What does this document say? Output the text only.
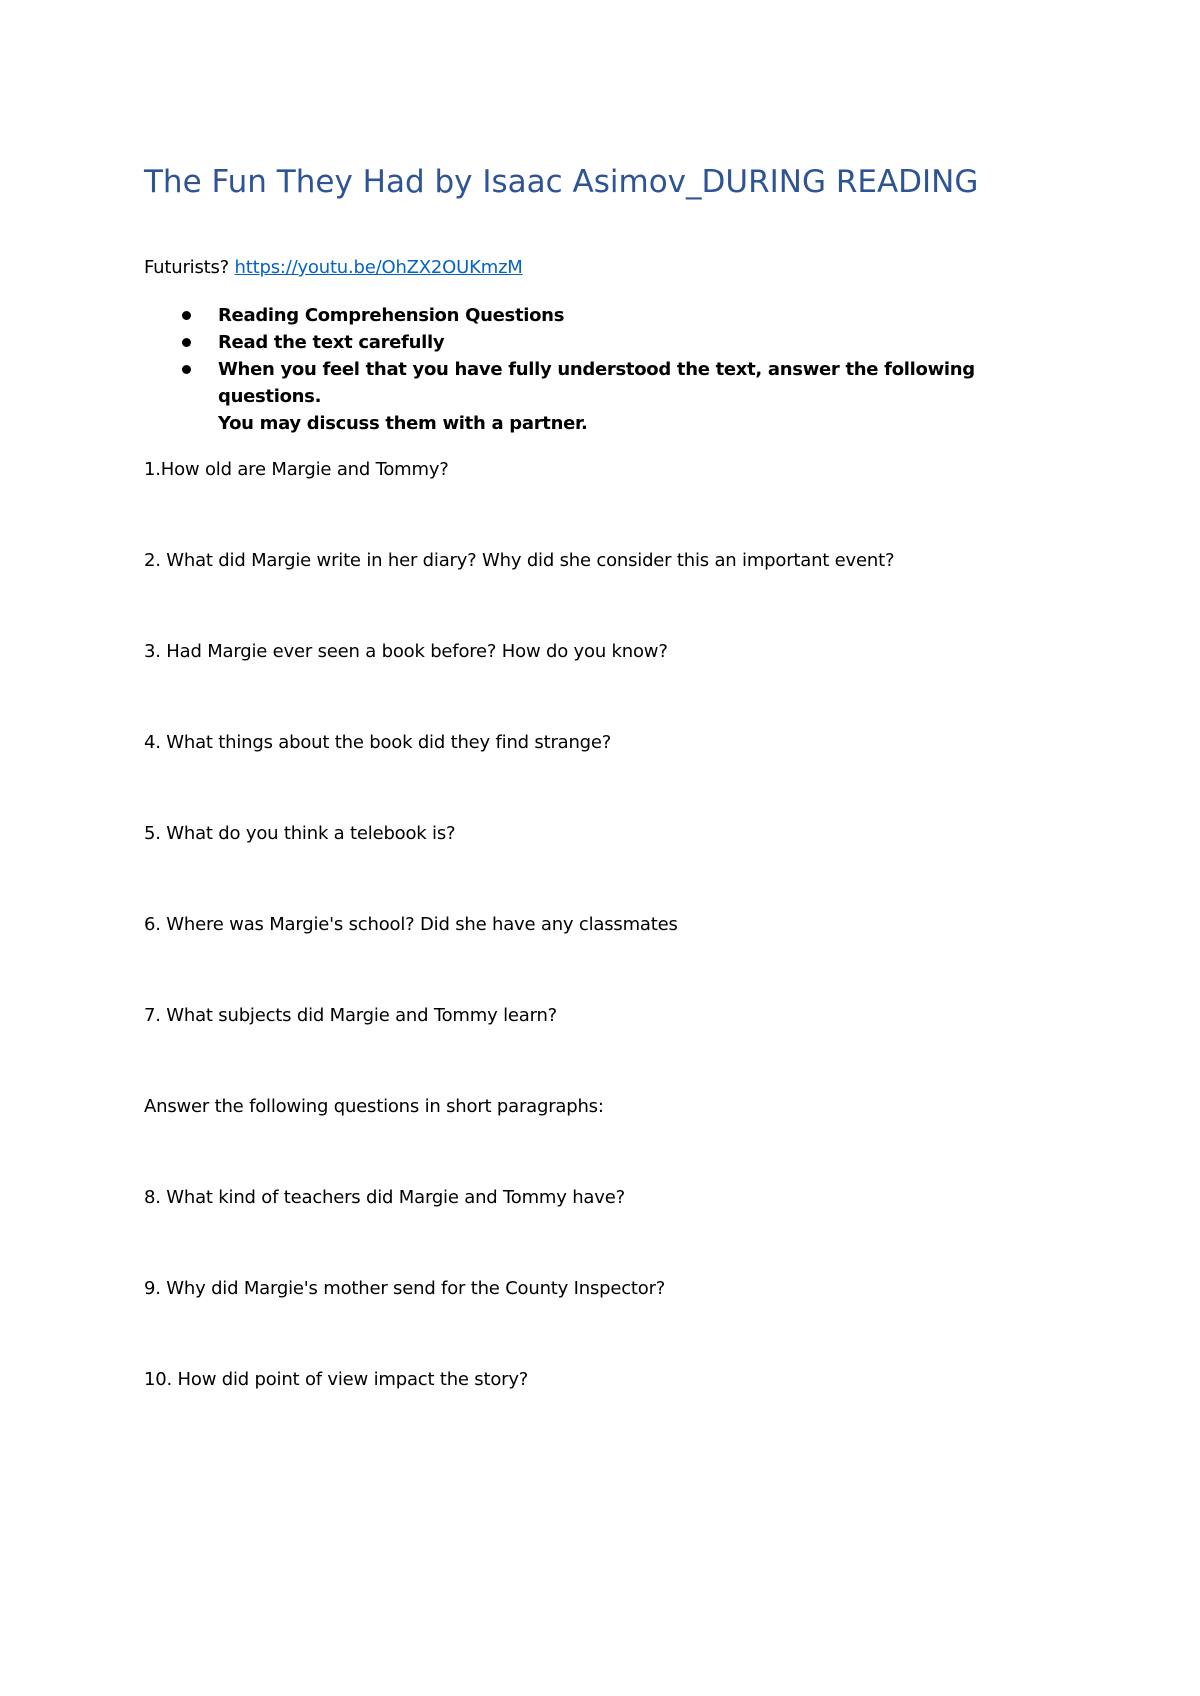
The Fun They Had by Isaac Asimov_DURING READING

Futurists? https://youtu.be/OhZX2OUKmzM

Reading Comprehension Questions
Read the text carefully
When you feel that you have fully understood the text, answer the following questions.
You may discuss them with a partner.

1.How old are Margie and Tommy?

2. What did Margie write in her diary? Why did she consider this an important event?

3. Had Margie ever seen a book before? How do you know?

4. What things about the book did they find strange?

5. What do you think a telebook is?

6. Where was Margie's school? Did she have any classmates

7. What subjects did Margie and Tommy learn?

Answer the following questions in short paragraphs:

8. What kind of teachers did Margie and Tommy have?

9. Why did Margie's mother send for the County Inspector?

10. How did point of view impact the story?
